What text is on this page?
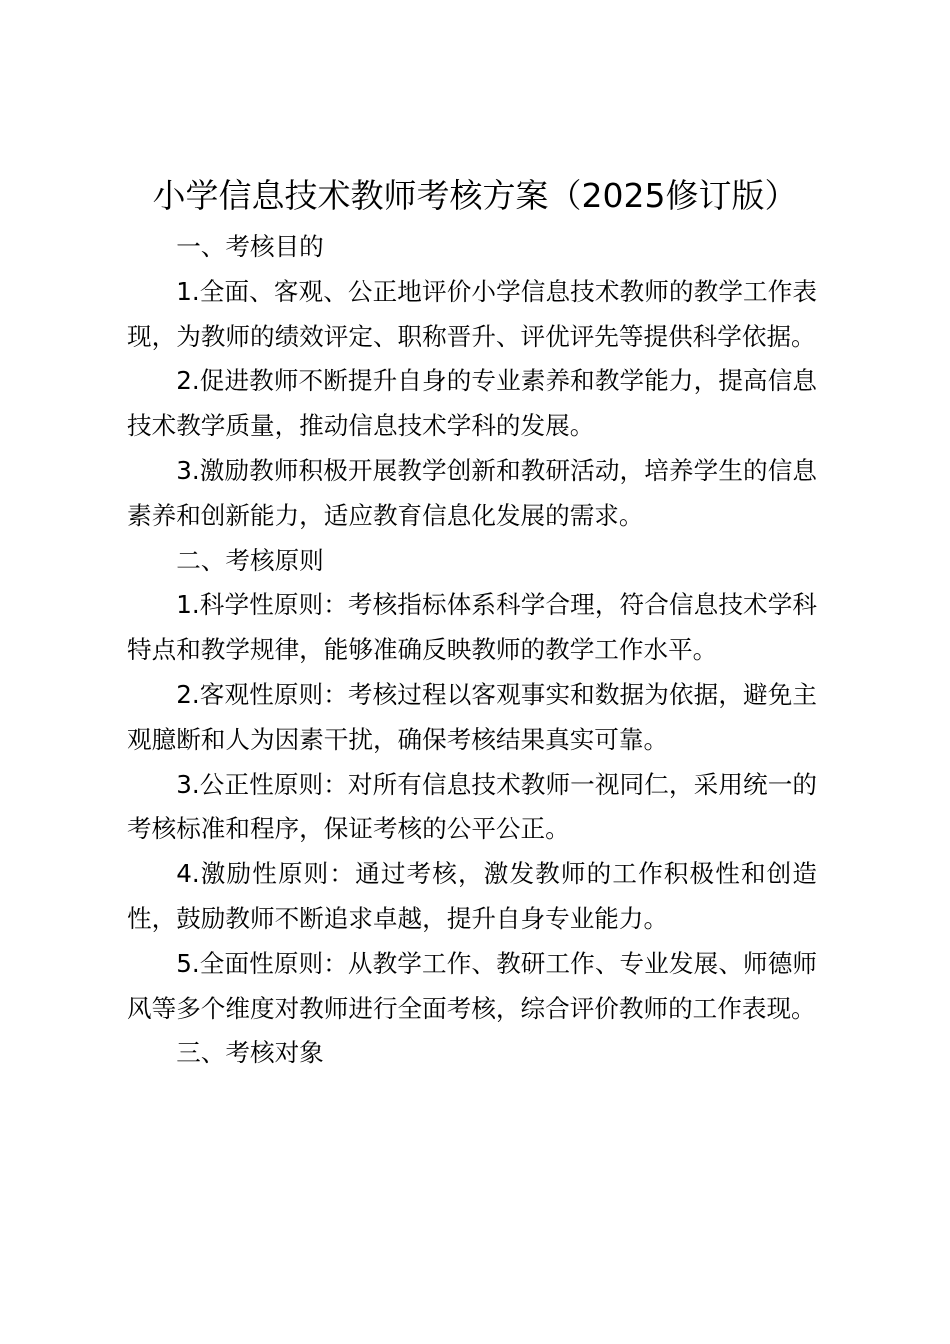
小学信息技术教师考核方案（2025修订版）

一、考核目的

1.全面、客观、公正地评价小学信息技术教师的教学工作表现，为教师的绩效评定、职称晋升、评优评先等提供科学依据。

2.促进教师不断提升自身的专业素养和教学能力，提高信息技术教学质量，推动信息技术学科的发展。

3.激励教师积极开展教学创新和教研活动，培养学生的信息素养和创新能力，适应教育信息化发展的需求。

二、考核原则

1.科学性原则：考核指标体系科学合理，符合信息技术学科特点和教学规律，能够准确反映教师的教学工作水平。

2.客观性原则：考核过程以客观事实和数据为依据，避免主观臆断和人为因素干扰，确保考核结果真实可靠。

3.公正性原则：对所有信息技术教师一视同仁，采用统一的考核标准和程序，保证考核的公平公正。

4.激励性原则：通过考核，激发教师的工作积极性和创造性，鼓励教师不断追求卓越，提升自身专业能力。

5.全面性原则：从教学工作、教研工作、专业发展、师德师风等多个维度对教师进行全面考核，综合评价教师的工作表现。

三、考核对象
